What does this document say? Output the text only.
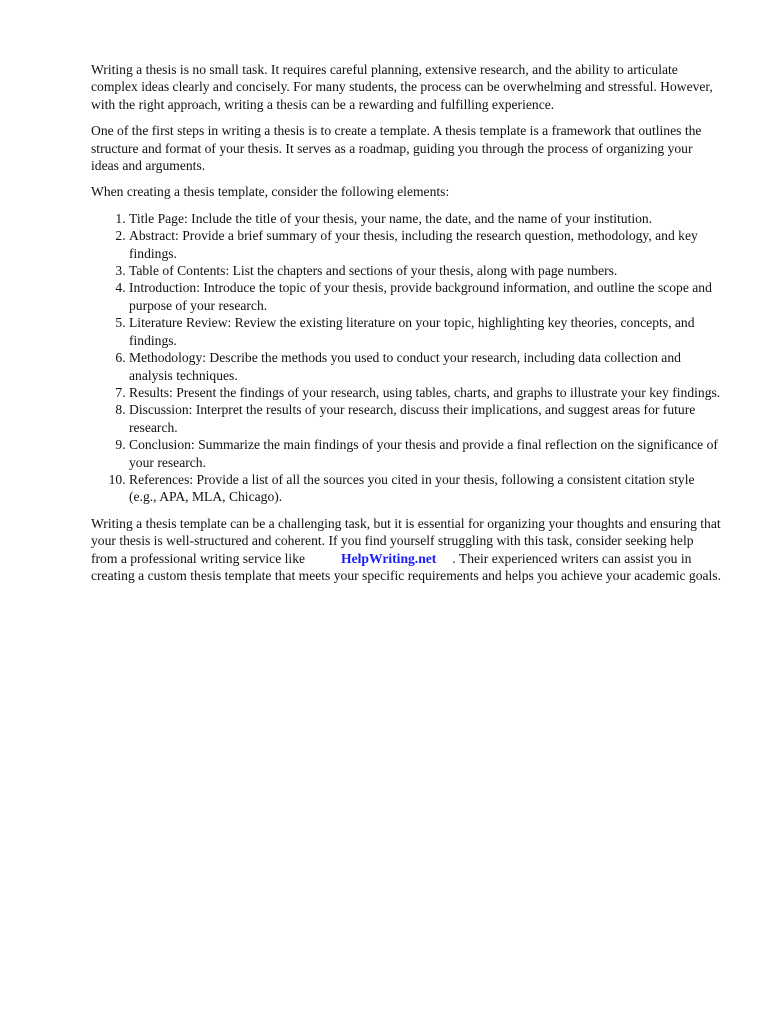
Writing a thesis is no small task. It requires careful planning, extensive research, and the ability to articulate complex ideas clearly and concisely. For many students, the process can be overwhelming and stressful. However, with the right approach, writing a thesis can be a rewarding and fulfilling experience.

One of the first steps in writing a thesis is to create a template. A thesis template is a framework that outlines the structure and format of your thesis. It serves as a roadmap, guiding you through the process of organizing your ideas and arguments.

When creating a thesis template, consider the following elements:

1. Title Page: Include the title of your thesis, your name, the date, and the name of your institution.
2. Abstract: Provide a brief summary of your thesis, including the research question, methodology, and key findings.
3. Table of Contents: List the chapters and sections of your thesis, along with page numbers.
4. Introduction: Introduce the topic of your thesis, provide background information, and outline the scope and purpose of your research.
5. Literature Review: Review the existing literature on your topic, highlighting key theories, concepts, and findings.
6. Methodology: Describe the methods you used to conduct your research, including data collection and analysis techniques.
7. Results: Present the findings of your research, using tables, charts, and graphs to illustrate your key findings.
8. Discussion: Interpret the results of your research, discuss their implications, and suggest areas for future research.
9. Conclusion: Summarize the main findings of your thesis and provide a final reflection on the significance of your research.
10. References: Provide a list of all the sources you cited in your thesis, following a consistent citation style (e.g., APA, MLA, Chicago).

Writing a thesis template can be a challenging task, but it is essential for organizing your thoughts and ensuring that your thesis is well-structured and coherent. If you find yourself struggling with this task, consider seeking help from a professional writing service like	HelpWriting.net . Their experienced writers can assist you in creating a custom thesis template that meets your specific requirements and helps you achieve your academic goals.
